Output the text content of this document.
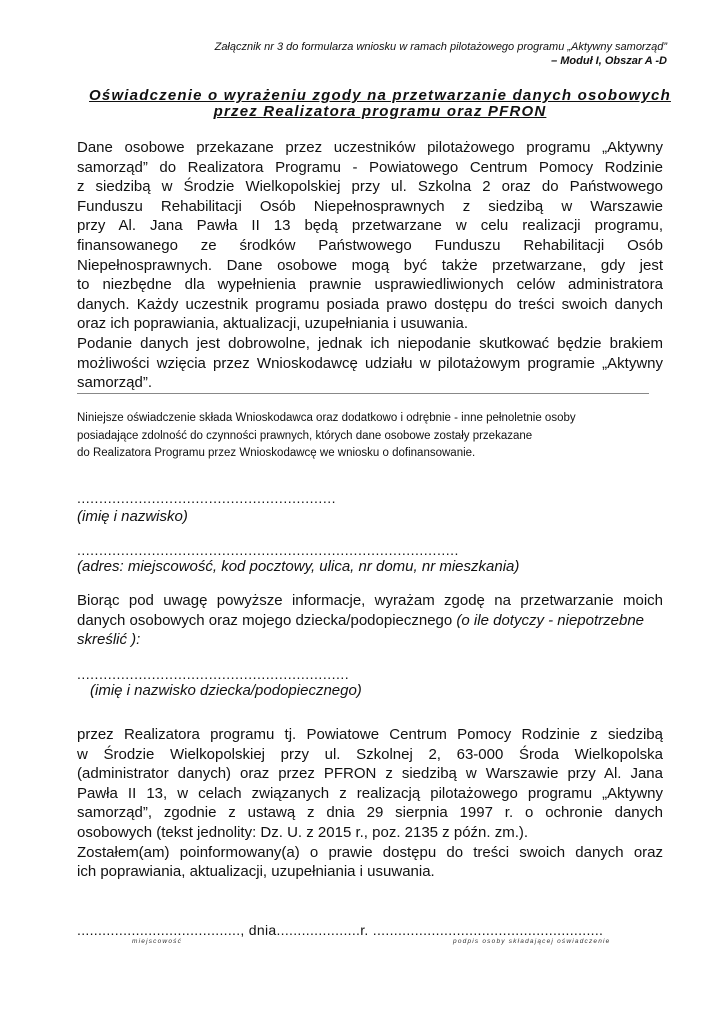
Załącznik nr 3 do formularza wniosku w ramach pilotażowego programu „Aktywny samorząd”
– Moduł I, Obszar A -D
Oświadczenie o wyrażeniu zgody na przetwarzanie danych osobowych
przez Realizatora programu oraz PFRON
Dane osobowe przekazane przez uczestników pilotażowego programu „Aktywny
samorząd” do Realizatora Programu - Powiatowego Centrum Pomocy Rodzinie
z siedzibą w Środzie Wielkopolskiej przy ul. Szkolna 2 oraz do Państwowego
Funduszu Rehabilitacji Osób Niepełnosprawnych z siedzibą w Warszawie
przy Al. Jana Pawła II 13 będą przetwarzane w celu realizacji programu,
finansowanego ze środków Państwowego Funduszu Rehabilitacji Osób
Niepełnosprawnych. Dane osobowe mogą być także przetwarzane, gdy jest
to niezbędne dla wypełnienia prawnie usprawiedliwionych celów administratora
danych. Każdy uczestnik programu posiada prawo dostępu do treści swoich danych
oraz ich poprawiania, aktualizacji, uzupełniania i usuwania.
Podanie danych jest dobrowolne, jednak ich niepodanie skutkować będzie brakiem
możliwości wzięcia przez Wnioskodawcę udziału w pilotażowym programie „Aktywny
samorząd”.
Niniejsze oświadczenie składa Wnioskodawca oraz dodatkowo i odrębnie - inne pełnoletnie osoby
posiadające zdolność do czynności prawnych, których dane osobowe zostały przekazane
do Realizatora Programu przez Wnioskodawcę we wniosku o dofinansowanie.
...........................................................
(imię i nazwisko)
.......................................................................................
(adres: miejscowość, kod pocztowy, ulica, nr domu, nr mieszkania)
Biorąc pod uwagę powyższe informacje, wyrażam zgodę na przetwarzanie moich
danych osobowych oraz mojego dziecka/podopiecznego (o ile dotyczy - niepotrzebne
skreślić ):
..............................................................
(imię i nazwisko dziecka/podopiecznego)
przez Realizatora programu tj. Powiatowe Centrum Pomocy Rodzinie z siedzibą
w Środzie Wielkopolskiej przy ul. Szkolnej 2, 63-000 Środa Wielkopolska
(administrator danych) oraz przez PFRON z siedzibą w Warszawie przy Al. Jana
Pawła II 13, w celach związanych z realizacją pilotażowego programu „Aktywny
samorząd”, zgodnie z ustawą z dnia 29 sierpnia 1997 r. o ochronie danych
osobowych (tekst jednolity: Dz. U. z 2015 r., poz. 2135 z późn. zm.).
Zostałem(am) poinformowany(a) o prawie dostępu do treści swoich danych oraz
ich poprawiania, aktualizacji, uzupełniania i usuwania.
......................................., dnia....................r. .......................................................
miejscowość	podpis osoby składającej oświadczenie
